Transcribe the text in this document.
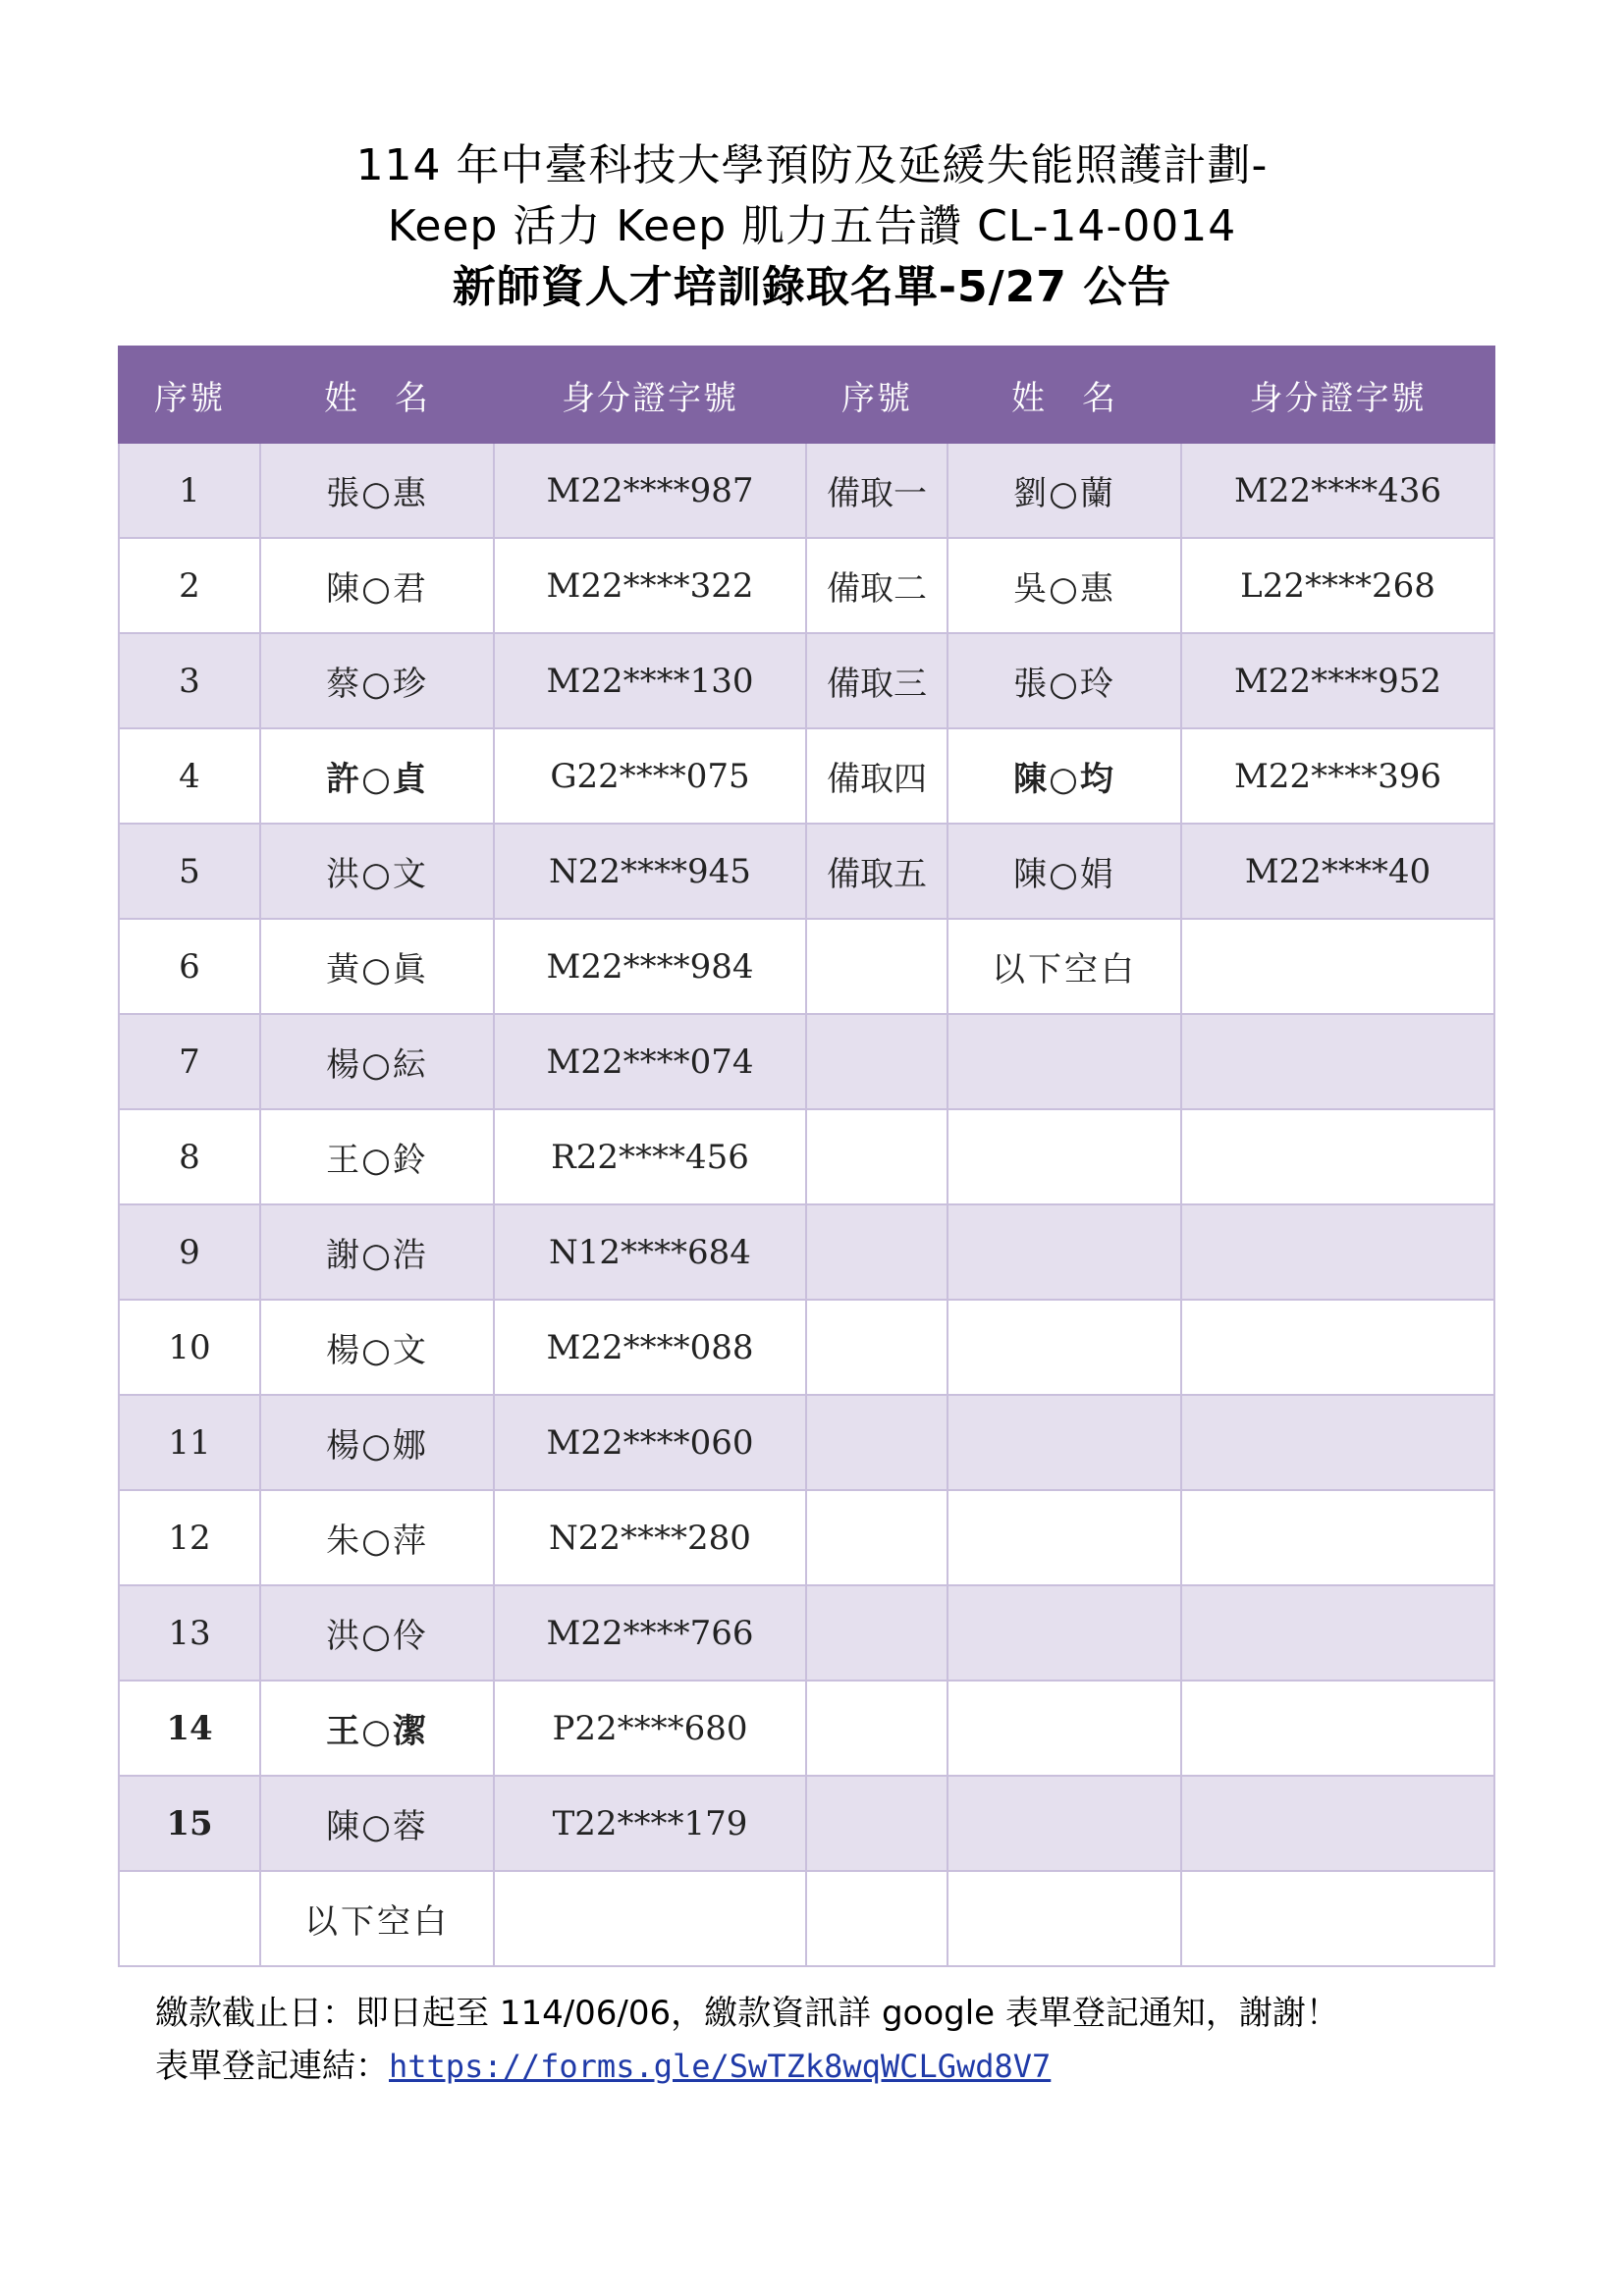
114 年中臺科技大學預防及延緩失能照護計劃-
Keep 活力 Keep 肌力五告讚 CL-14-0014
新師資人才培訓錄取名單-5/27 公告
序號	姓　名	身分證字號	序號	姓　名	身分證字號
1	張○惠	M22****987	備取一	劉○蘭	M22****436
2	陳○君	M22****322	備取二	吳○惠	L22****268
3	蔡○珍	M22****130	備取三	張○玲	M22****952
4	許○貞	G22****075	備取四	陳○均	M22****396
5	洪○文	N22****945	備取五	陳○娟	M22****40
6	黃○眞	M22****984		以下空白	
7	楊○紜	M22****074			
8	王○鈴	R22****456			
9	謝○浩	N12****684			
10	楊○文	M22****088			
11	楊○娜	M22****060			
12	朱○萍	N22****280			
13	洪○伶	M22****766			
14	王○潔	P22****680			
15	陳○蓉	T22****179			
	以下空白				
繳款截止日：即日起至 114/06/06，繳款資訊詳 google 表單登記通知，謝謝！
表單登記連結：https://forms.gle/SwTZk8wqWCLGwd8V7
